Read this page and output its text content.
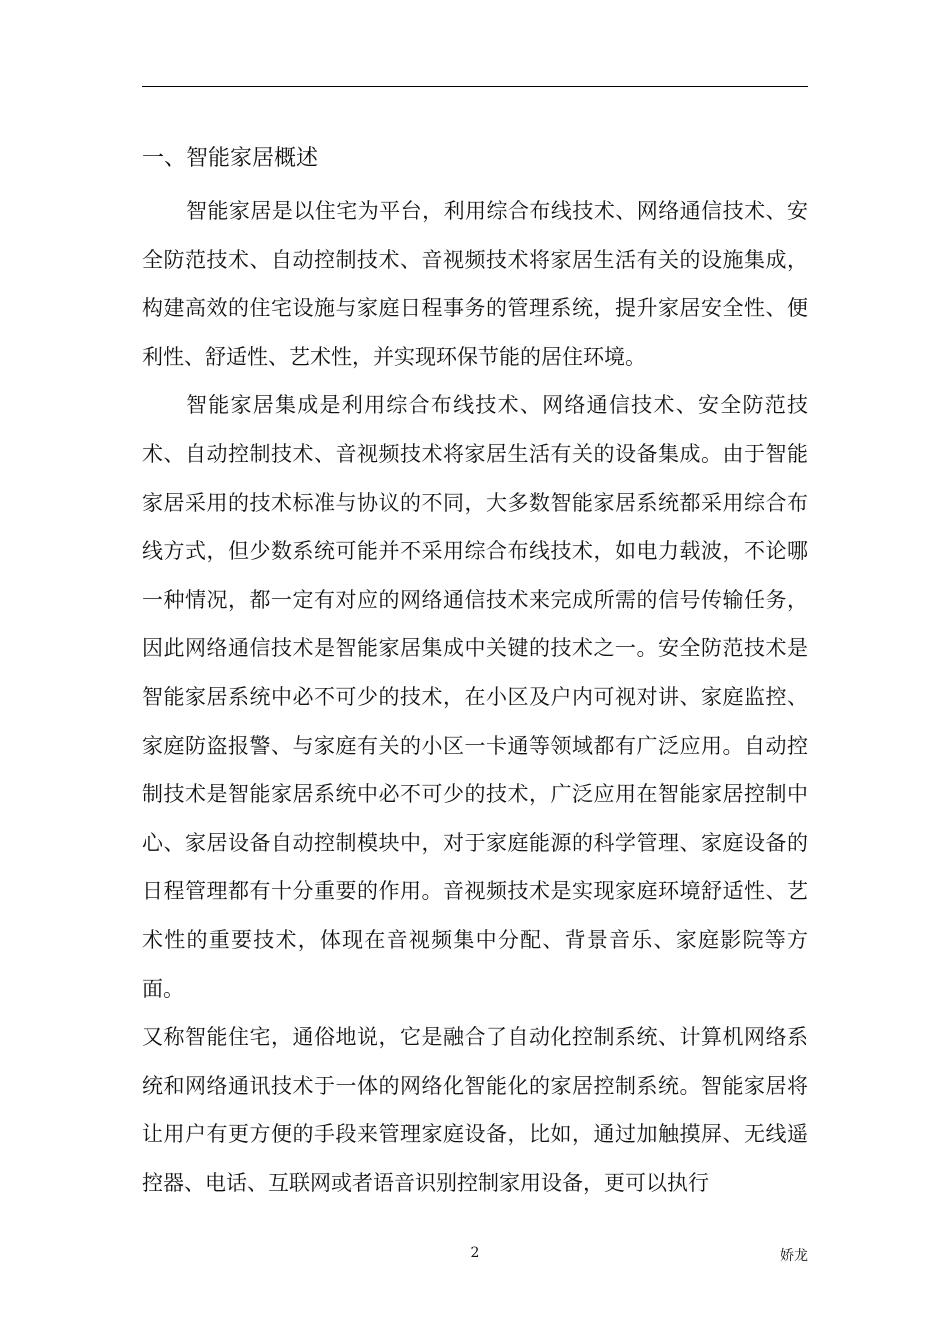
一、智能家居概述

智能家居是以住宅为平台，利用综合布线技术、网络通信技术、安全防范技术、自动控制技术、音视频技术将家居生活有关的设施集成，构建高效的住宅设施与家庭日程事务的管理系统，提升家居安全性、便利性、舒适性、艺术性，并实现环保节能的居住环境。

智能家居集成是利用综合布线技术、网络通信技术、安全防范技术、自动控制技术、音视频技术将家居生活有关的设备集成。由于智能家居采用的技术标准与协议的不同，大多数智能家居系统都采用综合布线方式，但少数系统可能并不采用综合布线技术，如电力载波，不论哪一种情况，都一定有对应的网络通信技术来完成所需的信号传输任务，因此网络通信技术是智能家居集成中关键的技术之一。安全防范技术是智能家居系统中必不可少的技术，在小区及户内可视对讲、家庭监控、家庭防盗报警、与家庭有关的小区一卡通等领域都有广泛应用。自动控制技术是智能家居系统中必不可少的技术，广泛应用在智能家居控制中心、家居设备自动控制模块中，对于家庭能源的科学管理、家庭设备的日程管理都有十分重要的作用。音视频技术是实现家庭环境舒适性、艺术性的重要技术，体现在音视频集中分配、背景音乐、家庭影院等方面。

又称智能住宅，通俗地说，它是融合了自动化控制系统、计算机网络系统和网络通讯技术于一体的网络化智能化的家居控制系统。智能家居将让用户有更方便的手段来管理家庭设备，比如，通过加触摸屏、无线遥控器、电话、互联网或者语音识别控制家用设备，更可以执行

2	娇龙
